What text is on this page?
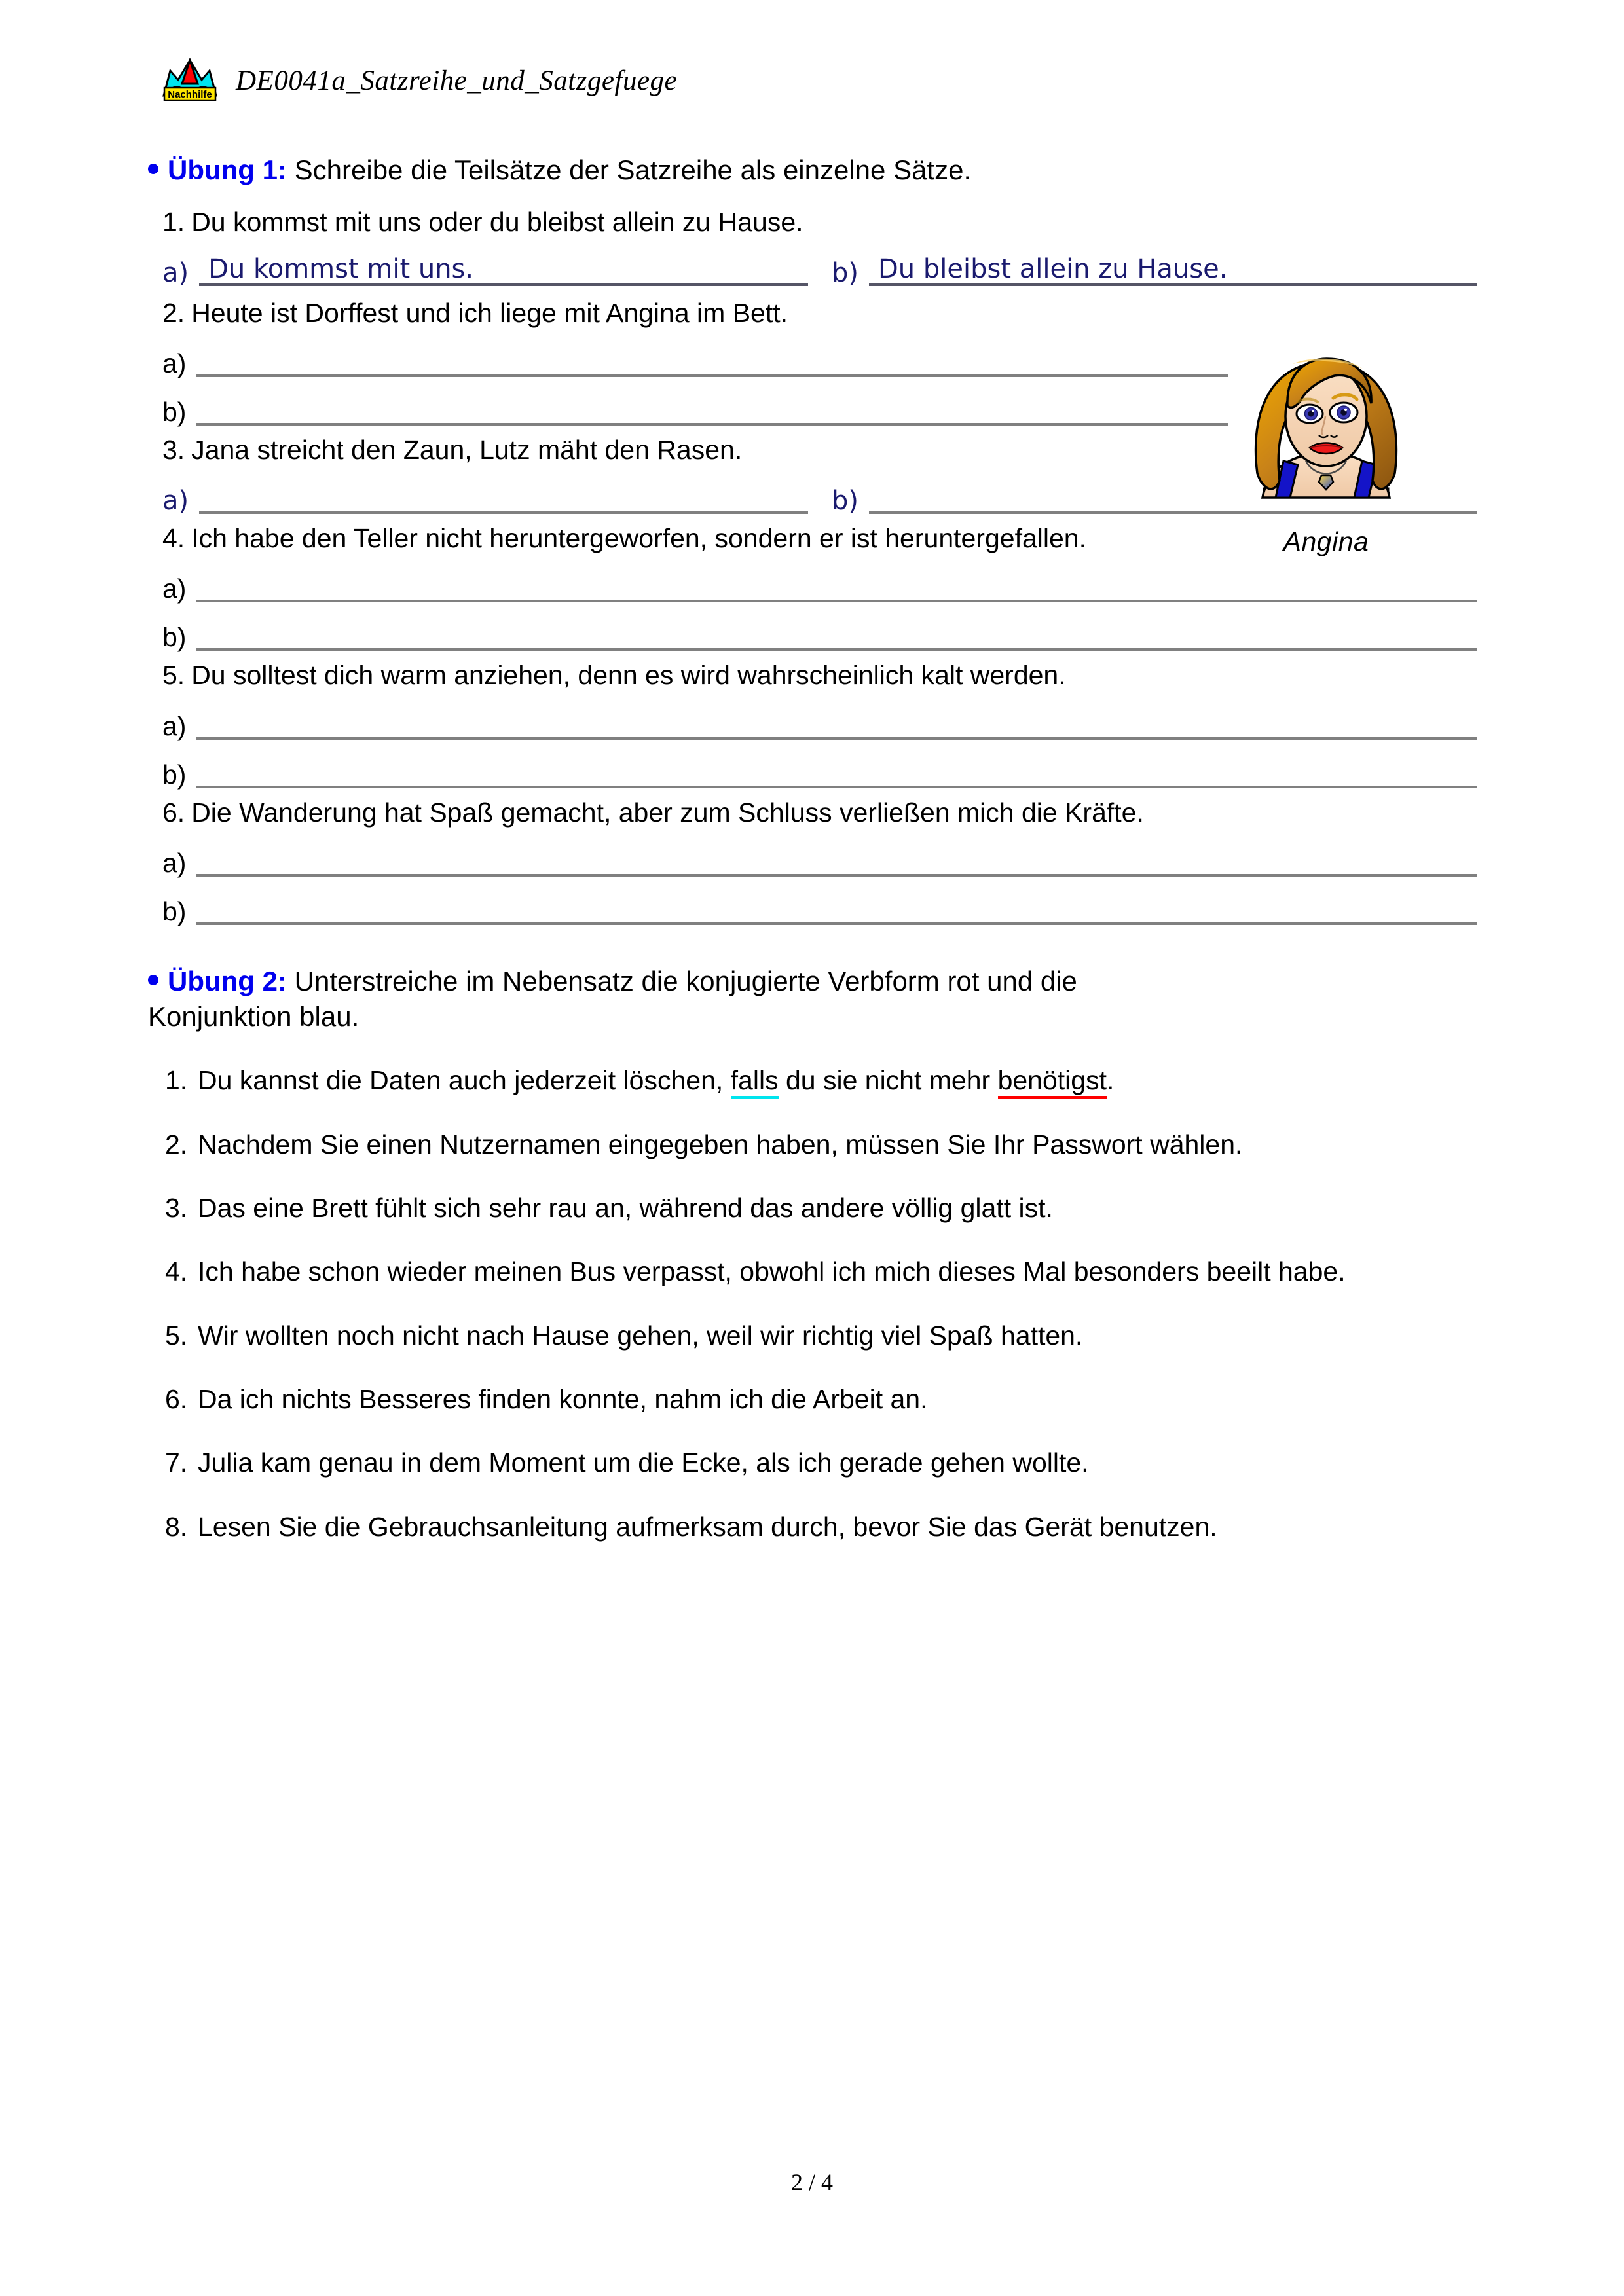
Nachhilfe DE0041a_Satzreihe_und_Satzgefuege
Angina
Übung 1: Schreibe die Teilsätze der Satzreihe als einzelne Sätze.

1. Du kommst mit uns oder du bleibst allein zu Hause.

a) Du kommst mit uns.	b) Du bleibst allein zu Hause.

2. Heute ist Dorffest und ich liege mit Angina im Bett.

a)
b)

3. Jana streicht den Zaun, Lutz mäht den Rasen.

a)	b)

4. Ich habe den Teller nicht heruntergeworfen, sondern er ist heruntergefallen.

a)
b)

5. Du solltest dich warm anziehen, denn es wird wahrscheinlich kalt werden.

a)
b)

6. Die Wanderung hat Spaß gemacht, aber zum Schluss verließen mich die Kräfte.

a)
b)
Übung 2: Unterstreiche im Nebensatz die konjugierte Verbform rot und die
Konjunktion blau.
1. Du kannst die Daten auch jederzeit löschen, falls du sie nicht mehr benötigst.
2. Nachdem Sie einen Nutzernamen eingegeben haben, müssen Sie Ihr Passwort wählen.
3. Das eine Brett fühlt sich sehr rau an, während das andere völlig glatt ist.
4. Ich habe schon wieder meinen Bus verpasst, obwohl ich mich dieses Mal besonders beeilt habe.
5. Wir wollten noch nicht nach Hause gehen, weil wir richtig viel Spaß hatten.
6. Da ich nichts Besseres finden konnte, nahm ich die Arbeit an.
7. Julia kam genau in dem Moment um die Ecke, als ich gerade gehen wollte.
8. Lesen Sie die Gebrauchsanleitung aufmerksam durch, bevor Sie das Gerät benutzen.
2 / 4
